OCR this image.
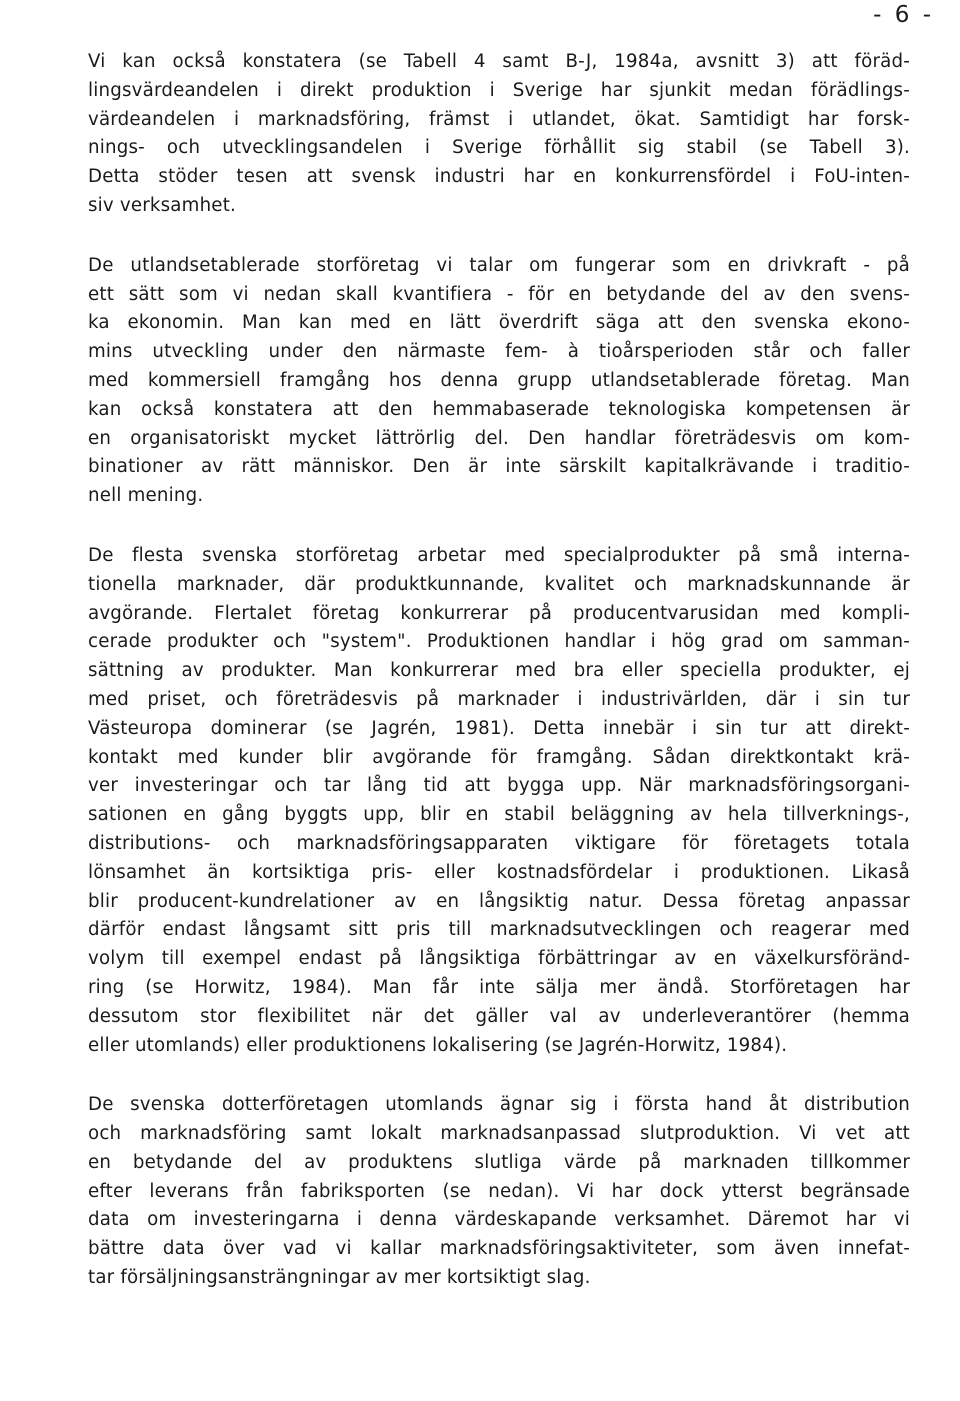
- 6 -

Vi kan också konstatera (se Tabell 4 samt B-J, 1984a, avsnitt 3) att föräd-
lingsvärdeandelen i direkt produktion i Sverige har sjunkit medan förädlings-
värdeandelen i marknadsföring, främst i utlandet, ökat. Samtidigt har forsk-
nings- och utvecklingsandelen i Sverige förhållit sig stabil (se Tabell 3).
Detta stöder tesen att svensk industri har en konkurrensfördel i FoU-inten-
siv verksamhet.

De utlandsetablerade storföretag vi talar om fungerar som en drivkraft - på
ett sätt som vi nedan skall kvantifiera - för en betydande del av den svens-
ka ekonomin. Man kan med en lätt överdrift säga att den svenska ekono-
mins utveckling under den närmaste fem- à tioårsperioden står och faller
med kommersiell framgång hos denna grupp utlandsetablerade företag. Man
kan också konstatera att den hemmabaserade teknologiska kompetensen är
en organisatoriskt mycket lättrörlig del. Den handlar företrädesvis om kom-
binationer av rätt människor. Den är inte särskilt kapitalkrävande i traditio-
nell mening.

De flesta svenska storföretag arbetar med specialprodukter på små interna-
tionella marknader, där produktkunnande, kvalitet och marknadskunnande är
avgörande. Flertalet företag konkurrerar på producentvarusidan med kompli-
cerade produkter och "system". Produktionen handlar i hög grad om samman-
sättning av produkter. Man konkurrerar med bra eller speciella produkter, ej
med priset, och företrädesvis på marknader i industrivärlden, där i sin tur
Västeuropa dominerar (se Jagrén, 1981). Detta innebär i sin tur att direkt-
kontakt med kunder blir avgörande för framgång. Sådan direktkontakt krä-
ver investeringar och tar lång tid att bygga upp. När marknadsföringsorgani-
sationen en gång byggts upp, blir en stabil beläggning av hela tillverknings-,
distributions- och marknadsföringsapparaten viktigare för företagets totala
lönsamhet än kortsiktiga pris- eller kostnadsfördelar i produktionen. Likaså
blir producent-kundrelationer av en långsiktig natur. Dessa företag anpassar
därför endast långsamt sitt pris till marknadsutvecklingen och reagerar med
volym till exempel endast på långsiktiga förbättringar av en växelkursföränd-
ring (se Horwitz, 1984). Man får inte sälja mer ändå. Storföretagen har
dessutom stor flexibilitet när det gäller val av underleverantörer (hemma
eller utomlands) eller produktionens lokalisering (se Jagrén-Horwitz, 1984).

De svenska dotterföretagen utomlands ägnar sig i första hand åt distribution
och marknadsföring samt lokalt marknadsanpassad slutproduktion. Vi vet att
en betydande del av produktens slutliga värde på marknaden tillkommer
efter leverans från fabriksporten (se nedan). Vi har dock ytterst begränsade
data om investeringarna i denna värdeskapande verksamhet. Däremot har vi
bättre data över vad vi kallar marknadsföringsaktiviteter, som även innefat-
tar försäljningsansträngningar av mer kortsiktigt slag.
